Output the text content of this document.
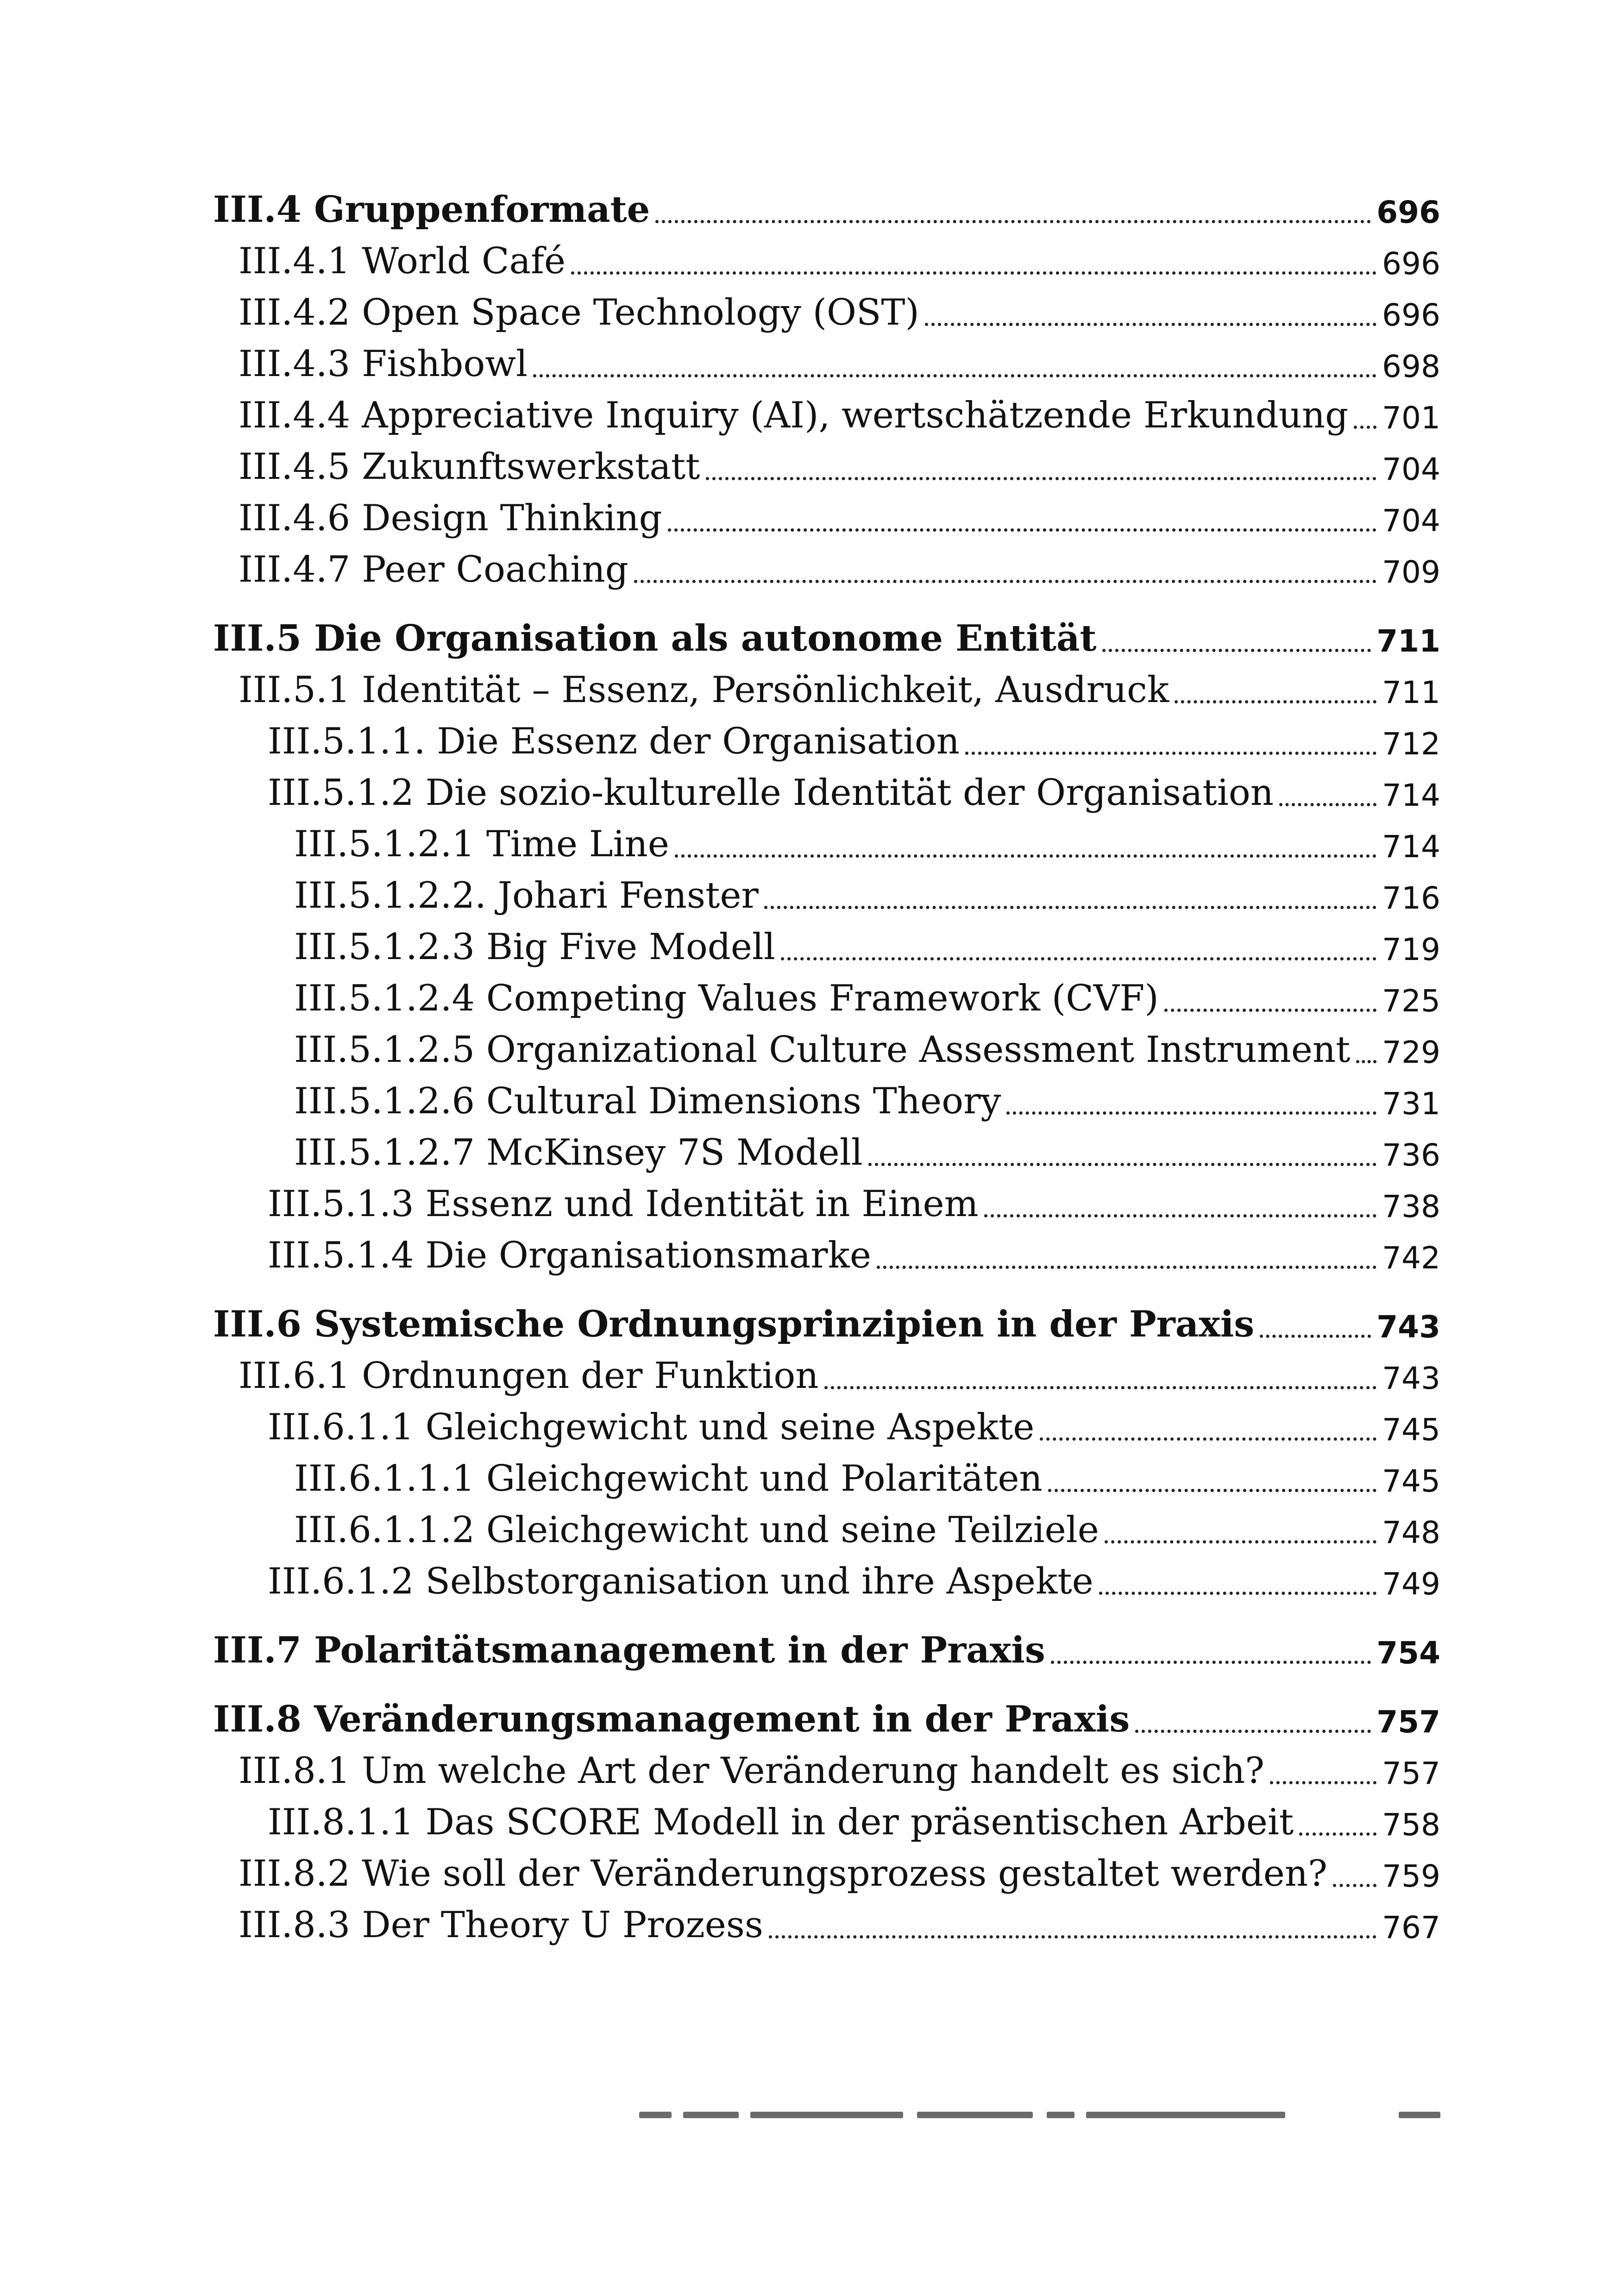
III.4 Gruppenformate	696
III.4.1 World Café	696
III.4.2 Open Space Technology (OST)	696
III.4.3 Fishbowl	698
III.4.4 Appreciative Inquiry (AI), wertschätzende Erkundung 701
III.4.5 Zukunftswerkstatt	704
III.4.6 Design Thinking	704
III.4.7 Peer Coaching	709
III.5 Die Organisation als autonome Entität	711
III.5.1 Identität – Essenz, Persönlichkeit, Ausdruck	711
III.5.1.1. Die Essenz der Organisation	712
III.5.1.2 Die sozio-kulturelle Identität der Organisation	714
III.5.1.2.1 Time Line	714
III.5.1.2.2. Johari Fenster	716
III.5.1.2.3 Big Five Modell	719
III.5.1.2.4 Competing Values Framework (CVF)	725
III.5.1.2.5 Organizational Culture Assessment Instrument 729
III.5.1.2.6 Cultural Dimensions Theory	731
III.5.1.2.7 McKinsey 7S Modell	736
III.5.1.3 Essenz und Identität in Einem	738
III.5.1.4 Die Organisationsmarke	742
III.6 Systemische Ordnungsprinzipien in der Praxis	743
III.6.1 Ordnungen der Funktion	743
III.6.1.1 Gleichgewicht und seine Aspekte	745
III.6.1.1.1 Gleichgewicht und Polaritäten	745
III.6.1.1.2 Gleichgewicht und seine Teilziele	748
III.6.1.2 Selbstorganisation und ihre Aspekte	749
III.7 Polaritätsmanagement in der Praxis	754
III.8 Veränderungsmanagement in der Praxis	757
III.8.1 Um welche Art der Veränderung handelt es sich?	757
III.8.1.1 Das SCORE Modell in der präsentischen Arbeit	758
III.8.2 Wie soll der Veränderungsprozess gestaltet werden? 759
III.8.3 Der Theory U Prozess	767
